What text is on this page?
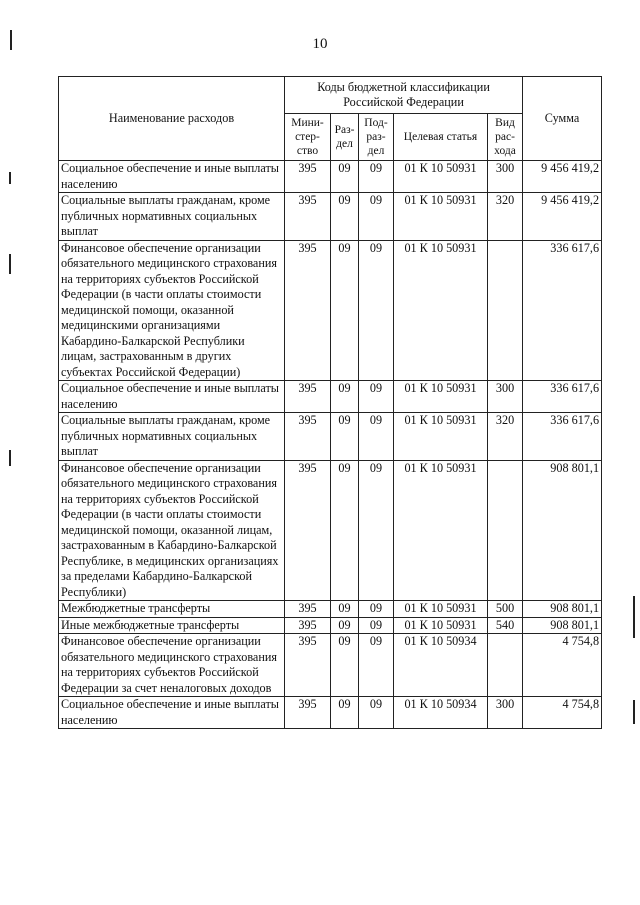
10
Наименование расходов	Коды бюджетной классификации Российской Федерации					Сумма
	Мини-стер-ство	Раз-дел	Под-раз-дел	Целевая статья	Вид рас-хода	
Социальное обеспечение и иные выплаты населению	395	09	09	01 К 10 50931	300	9 456 419,2
Социальные выплаты гражданам, кроме публичных нормативных социальных выплат	395	09	09	01 К 10 50931	320	9 456 419,2
Финансовое обеспечение организации обязательного медицинского страхования на территориях субъектов Российской Федерации (в части оплаты стоимости медицинской помощи, оказанной медицинскими организациями Кабардино-Балкарской Республики лицам, застрахованным в других субъектах Российской Федерации)	395	09	09	01 К 10 50931		336 617,6
Социальное обеспечение и иные выплаты населению	395	09	09	01 К 10 50931	300	336 617,6
Социальные выплаты гражданам, кроме публичных нормативных социальных выплат	395	09	09	01 К 10 50931	320	336 617,6
Финансовое обеспечение организации обязательного медицинского страхования на территориях субъектов Российской Федерации (в части оплаты стоимости медицинской помощи, оказанной лицам, застрахованным в Кабардино-Балкарской Республике, в медицинских организациях за пределами Кабардино-Балкарской Республики)	395	09	09	01 К 10 50931		908 801,1
Межбюджетные трансферты	395	09	09	01 К 10 50931	500	908 801,1
Иные межбюджетные трансферты	395	09	09	01 К 10 50931	540	908 801,1
Финансовое обеспечение организации обязательного медицинского страхования на территориях субъектов Российской Федерации за счет неналоговых доходов	395	09	09	01 К 10 50934		4 754,8
Социальное обеспечение и иные выплаты населению	395	09	09	01 К 10 50934	300	4 754,8
